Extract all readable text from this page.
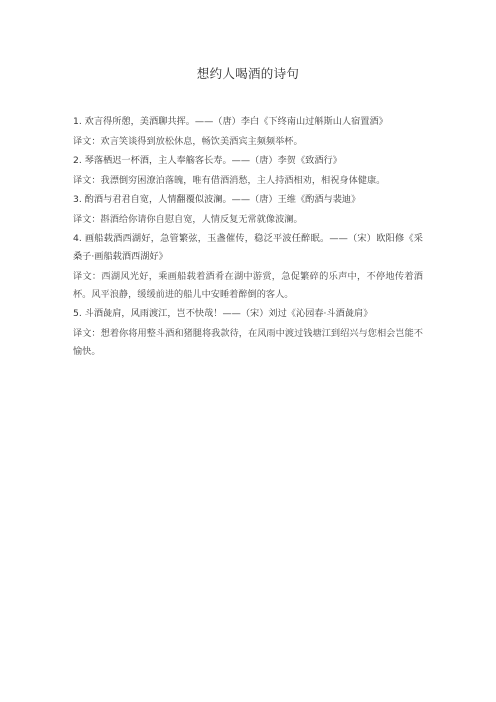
想约人喝酒的诗句

1. 欢言得所憩，美酒聊共挥。——（唐）李白《下终南山过斛斯山人宿置酒》

译文：欢言笑谈得到放松休息，畅饮美酒宾主频频举杯。

2. 琴落栖迟一杯酒，主人奉觞客长寿。——（唐）李贺《致酒行》

译文：我漂倒穷困潦泊落魄，唯有借酒消愁，主人持酒相劝，相祝身体健康。

3. 酌酒与君君自宽，人情翻覆似波澜。——（唐）王维《酌酒与裴迪》

译文：斟酒给你请你自慰自宽，人情反复无常就像波澜。

4. 画船载酒西湖好，急管繁弦，玉盏催传，稳泛平波任醉眠。——（宋）欧阳修《采桑子·画船载酒西湖好》

译文：西湖风光好，乘画船载着酒肴在湖中游赏，急促繁碎的乐声中，不停地传着酒杯。风平浪静，缓缓前进的船儿中安睡着醉倒的客人。

5. 斗酒彘肩，风雨渡江，岂不快哉！——（宋）刘过《沁园春·斗酒彘肩》

译文：想着你将用整斗酒和猪腿将我款待，在风雨中渡过钱塘江到绍兴与您相会岂能不愉快。
